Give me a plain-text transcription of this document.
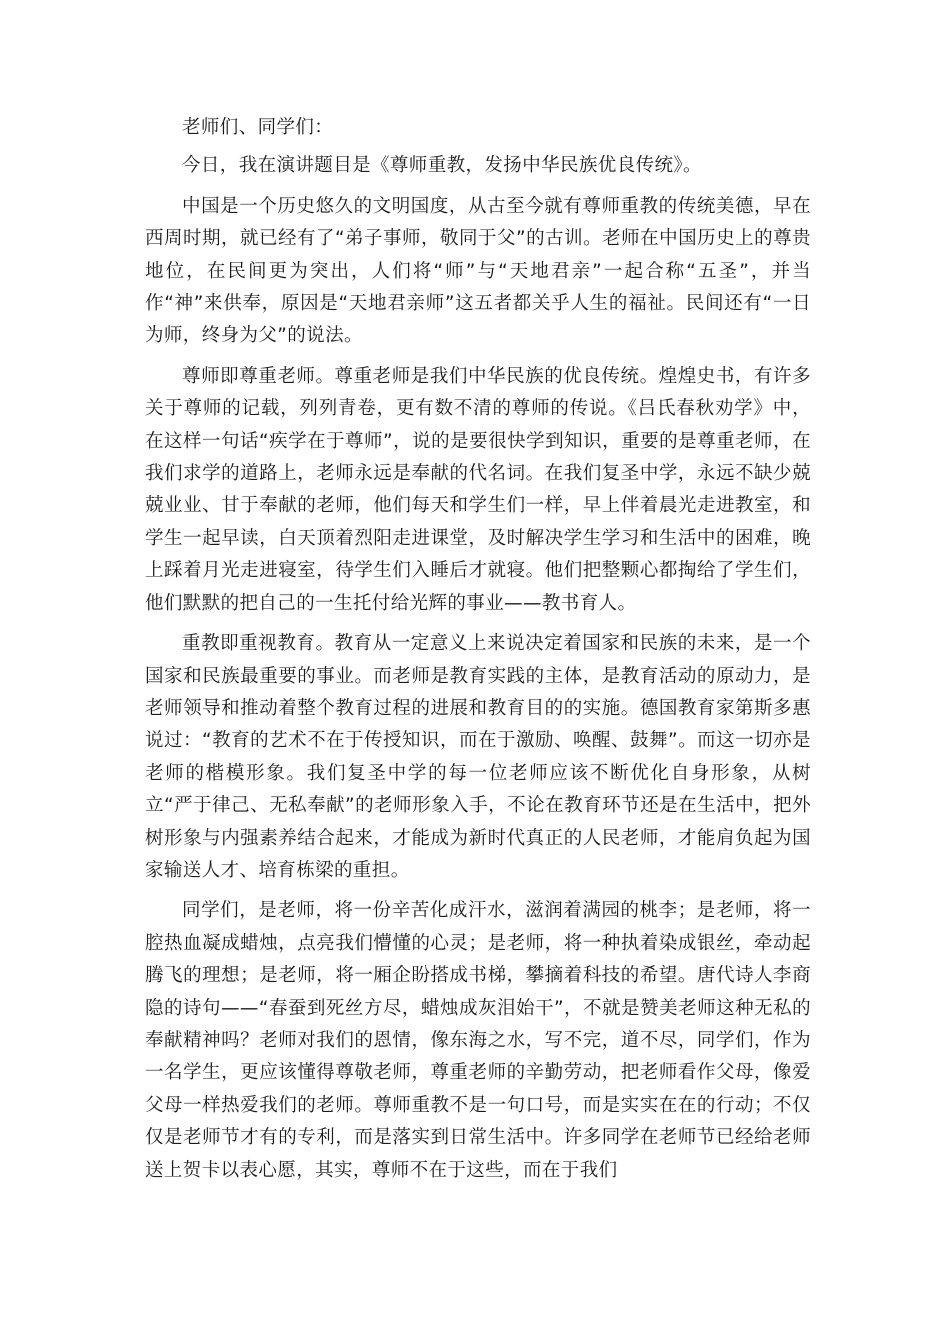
老师们、同学们：

今日，我在演讲题目是《尊师重教，发扬中华民族优良传统》。

中国是一个历史悠久的文明国度，从古至今就有尊师重教的传统美德，早在西周时期，就已经有了“弟子事师，敬同于父”的古训。老师在中国历史上的尊贵地位，在民间更为突出，人们将“师”与“天地君亲”一起合称“五圣”，并当作“神”来供奉，原因是“天地君亲师”这五者都关乎人生的福祉。民间还有“一日为师，终身为父”的说法。

尊师即尊重老师。尊重老师是我们中华民族的优良传统。煌煌史书，有许多关于尊师的记载，列列青卷，更有数不清的尊师的传说。《吕氏春秋劝学》中，在这样一句话“疾学在于尊师”，说的是要很快学到知识，重要的是尊重老师，在我们求学的道路上，老师永远是奉献的代名词。在我们复圣中学，永远不缺少兢兢业业、甘于奉献的老师，他们每天和学生们一样，早上伴着晨光走进教室，和学生一起早读，白天顶着烈阳走进课堂，及时解决学生学习和生活中的困难，晚上踩着月光走进寝室，待学生们入睡后才就寝。他们把整颗心都掏给了学生们，他们默默的把自己的一生托付给光辉的事业——教书育人。

重教即重视教育。教育从一定意义上来说决定着国家和民族的未来，是一个国家和民族最重要的事业。而老师是教育实践的主体，是教育活动的原动力，是老师领导和推动着整个教育过程的进展和教育目的的实施。德国教育家第斯多惠说过：“教育的艺术不在于传授知识，而在于激励、唤醒、鼓舞”。而这一切亦是老师的楷模形象。我们复圣中学的每一位老师应该不断优化自身形象，从树立“严于律己、无私奉献”的老师形象入手，不论在教育环节还是在生活中，把外树形象与内强素养结合起来，才能成为新时代真正的人民老师，才能肩负起为国家输送人才、培育栋梁的重担。

同学们，是老师，将一份辛苦化成汗水，滋润着满园的桃李；是老师，将一腔热血凝成蜡烛，点亮我们懵懂的心灵；是老师，将一种执着染成银丝，牵动起腾飞的理想；是老师，将一厢企盼搭成书梯，攀摘着科技的希望。唐代诗人李商隐的诗句——“春蚕到死丝方尽，蜡烛成灰泪始干”，不就是赞美老师这种无私的奉献精神吗？老师对我们的恩情，像东海之水，写不完，道不尽，同学们，作为一名学生，更应该懂得尊敬老师，尊重老师的辛勤劳动，把老师看作父母，像爱父母一样热爱我们的老师。尊师重教不是一句口号，而是实实在在的行动；不仅仅是老师节才有的专利，而是落实到日常生活中。许多同学在老师节已经给老师送上贺卡以表心愿，其实，尊师不在于这些，而在于我们
